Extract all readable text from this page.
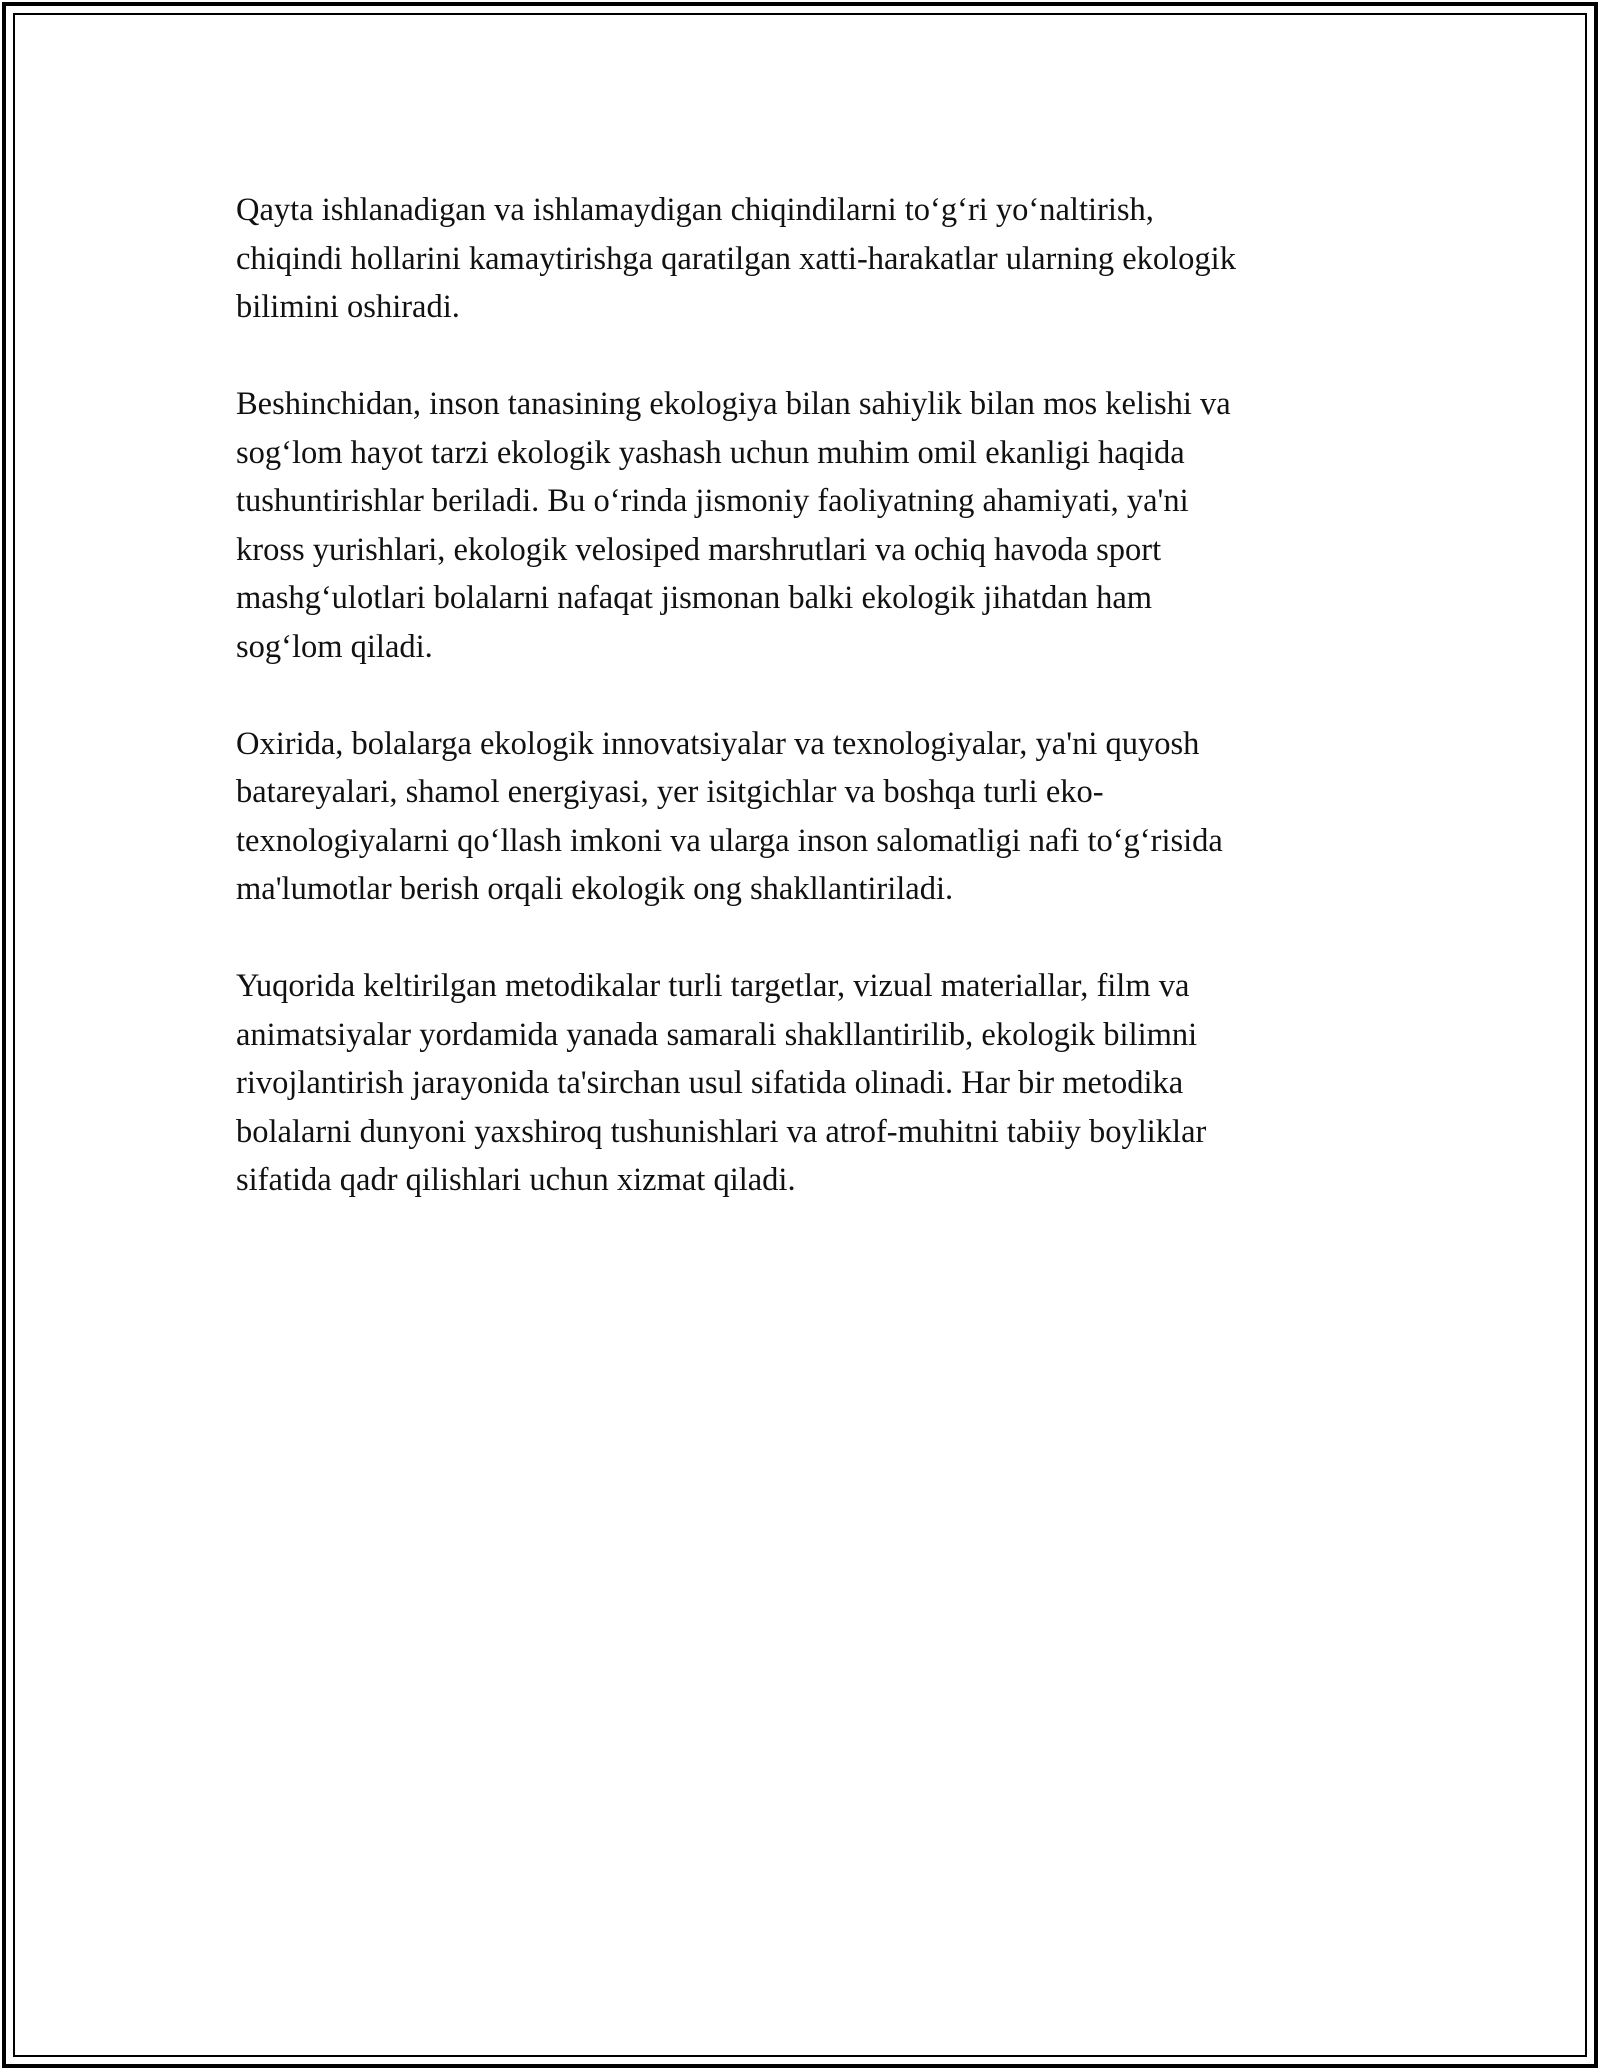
Qayta ishlanadigan va ishlamaydigan chiqindilarni to‘g‘ri yo‘naltirish,
chiqindi hollarini kamaytirishga qaratilgan xatti-harakatlar ularning ekologik
bilimini oshiradi.

Beshinchidan, inson tanasining ekologiya bilan sahiylik bilan mos kelishi va
sog‘lom hayot tarzi ekologik yashash uchun muhim omil ekanligi haqida
tushuntirishlar beriladi. Bu o‘rinda jismoniy faoliyatning ahamiyati, ya'ni
kross yurishlari, ekologik velosiped marshrutlari va ochiq havoda sport
mashg‘ulotlari bolalarni nafaqat jismonan balki ekologik jihatdan ham
sog‘lom qiladi.

Oxirida, bolalarga ekologik innovatsiyalar va texnologiyalar, ya'ni quyosh
batareyalari, shamol energiyasi, yer isitgichlar va boshqa turli eko-
texnologiyalarni qo‘llash imkoni va ularga inson salomatligi nafi to‘g‘risida
ma'lumotlar berish orqali ekologik ong shakllantiriladi.

Yuqorida keltirilgan metodikalar turli targetlar, vizual materiallar, film va
animatsiyalar yordamida yanada samarali shakllantirilib, ekologik bilimni
rivojlantirish jarayonida ta'sirchan usul sifatida olinadi. Har bir metodika
bolalarni dunyoni yaxshiroq tushunishlari va atrof-muhitni tabiiy boyliklar
sifatida qadr qilishlari uchun xizmat qiladi.
